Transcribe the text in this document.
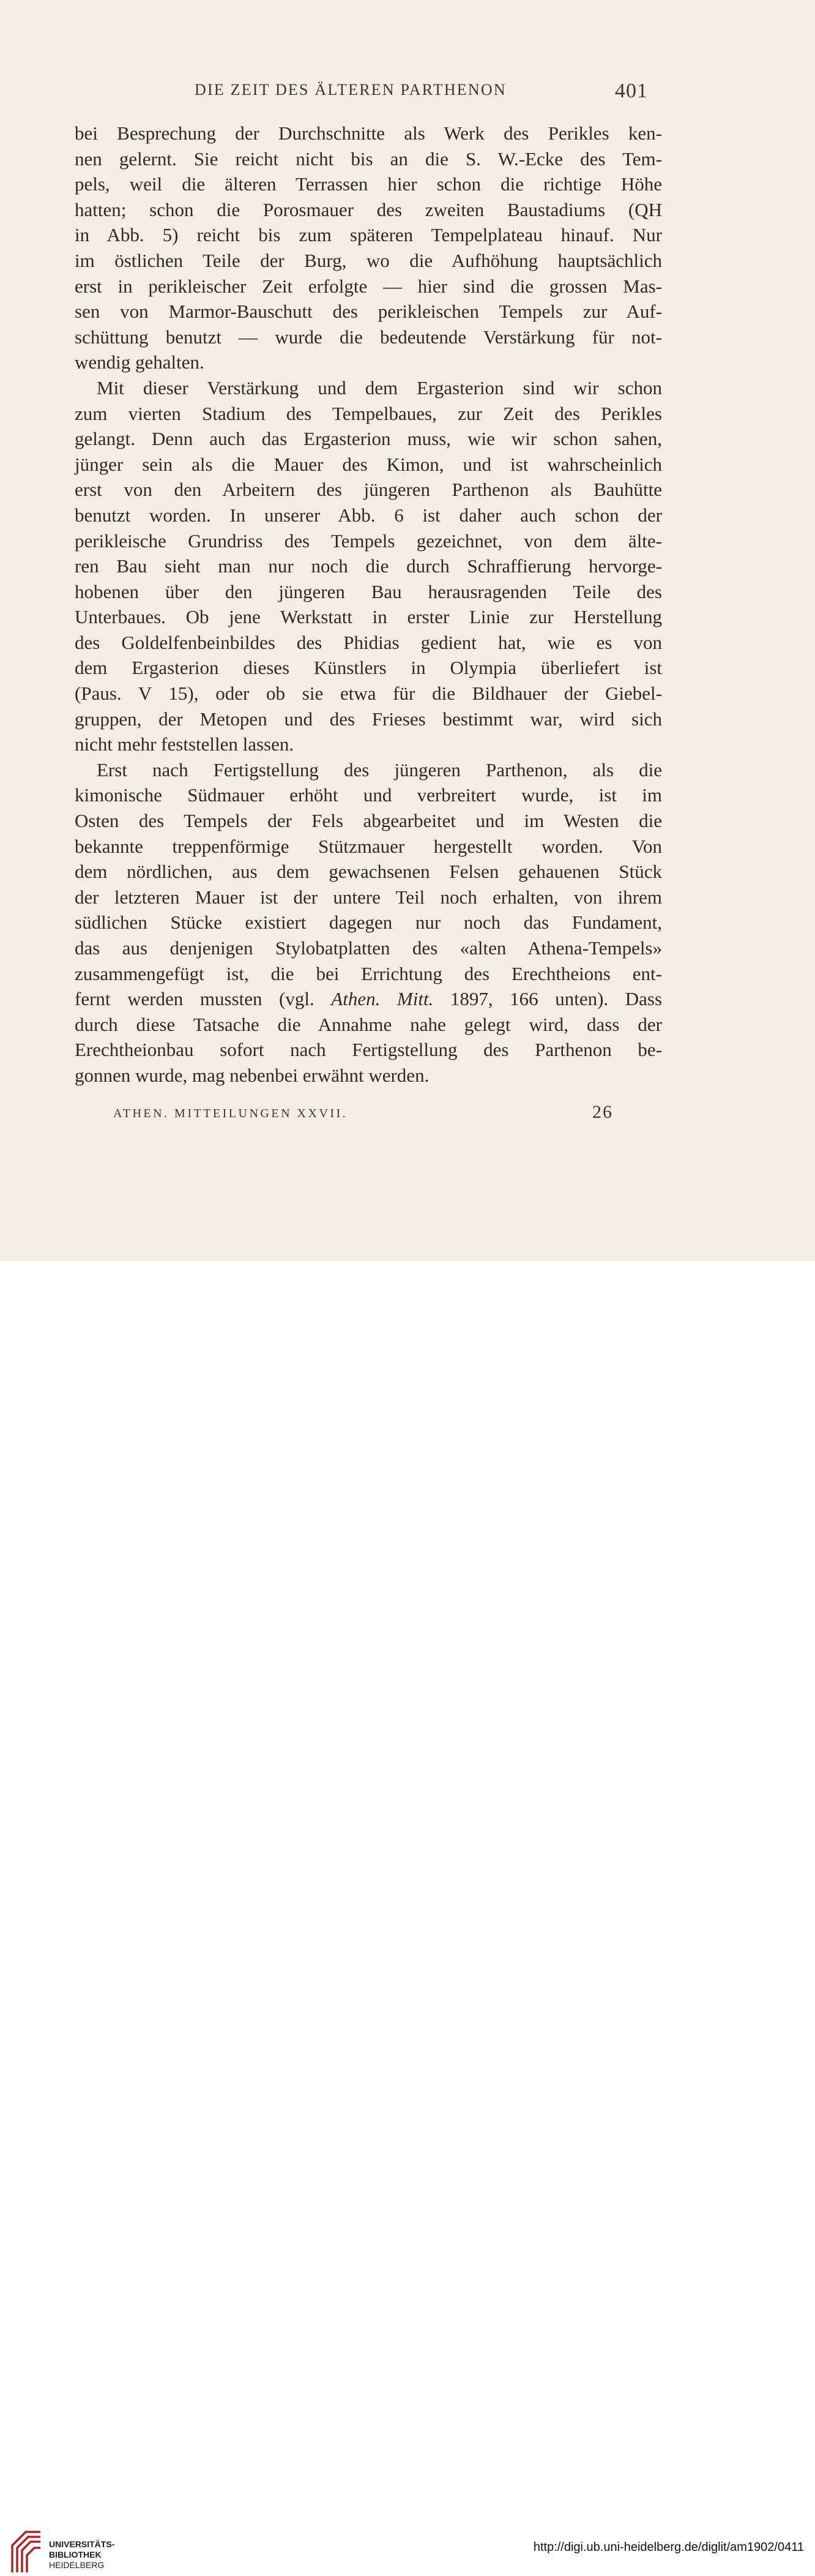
DIE ZEIT DES ÄLTEREN PARTHENON	401
bei Besprechung der Durchschnitte als Werk des Perikles ken-
nen gelernt. Sie reicht nicht bis an die S. W.-Ecke des Tem-
pels, weil die älteren Terrassen hier schon die richtige Höhe
hatten; schon die Porosmauer des zweiten Baustadiums (QH
in Abb. 5) reicht bis zum späteren Tempelplateau hinauf. Nur
im östlichen Teile der Burg, wo die Aufhöhung hauptsächlich
erst in perikleischer Zeit erfolgte — hier sind die grossen Mas-
sen von Marmor-Bauschutt des perikleischen Tempels zur Auf-
schüttung benutzt — wurde die bedeutende Verstärkung für not-
wendig gehalten.
Mit dieser Verstärkung und dem Ergasterion sind wir schon
zum vierten Stadium des Tempelbaues, zur Zeit des Perikles
gelangt. Denn auch das Ergasterion muss, wie wir schon sahen,
jünger sein als die Mauer des Kimon, und ist wahrscheinlich
erst von den Arbeitern des jüngeren Parthenon als Bauhütte
benutzt worden. In unserer Abb. 6 ist daher auch schon der
perikleische Grundriss des Tempels gezeichnet, von dem älte-
ren Bau sieht man nur noch die durch Schraffierung hervorge-
hobenen über den jüngeren Bau herausragenden Teile des
Unterbaues. Ob jene Werkstatt in erster Linie zur Herstellung
des Goldelfenbeinbildes des Phidias gedient hat, wie es von
dem Ergasterion dieses Künstlers in Olympia überliefert ist
(Paus. V 15), oder ob sie etwa für die Bildhauer der Giebel-
gruppen, der Metopen und des Frieses bestimmt war, wird sich
nicht mehr feststellen lassen.
Erst nach Fertigstellung des jüngeren Parthenon, als die
kimonische Südmauer erhöht und verbreitert wurde, ist im
Osten des Tempels der Fels abgearbeitet und im Westen die
bekannte treppenförmige Stützmauer hergestellt worden. Von
dem nördlichen, aus dem gewachsenen Felsen gehauenen Stück
der letzteren Mauer ist der untere Teil noch erhalten, von ihrem
südlichen Stücke existiert dagegen nur noch das Fundament,
das aus denjenigen Stylobatplatten des «alten Athena-Tempels»
zusammengefügt ist, die bei Errichtung des Erechtheions ent-
fernt werden mussten (vgl. Athen. Mitt. 1897, 166 unten). Dass
durch diese Tatsache die Annahme nahe gelegt wird, dass der
Erechtheionbau sofort nach Fertigstellung des Parthenon be-
gonnen wurde, mag nebenbei erwähnt werden.
ATHEN. MITTEILUNGEN XXVII.	26
UNIVERSITÄTS-
BIBLIOTHEK
HEIDELBERG
http://digi.ub.uni-heidelberg.de/diglit/am1902/0411
